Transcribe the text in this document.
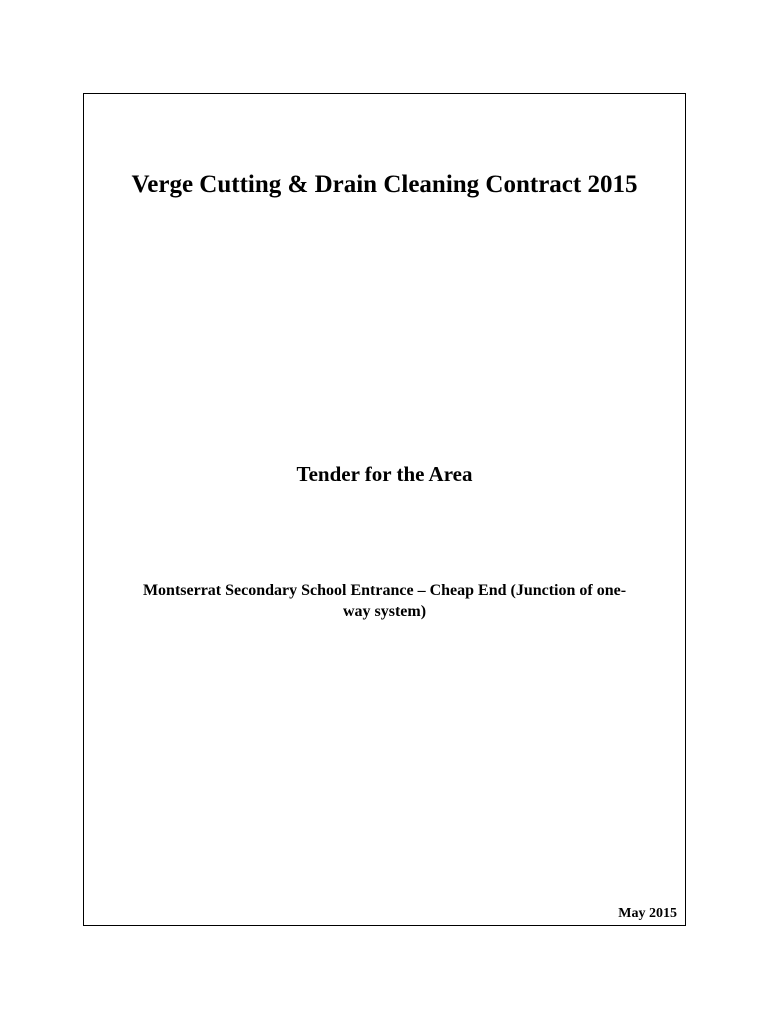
Verge Cutting & Drain Cleaning Contract 2015
Tender for the Area

Montserrat Secondary School Entrance – Cheap End (Junction of one-
way system)

May 2015
